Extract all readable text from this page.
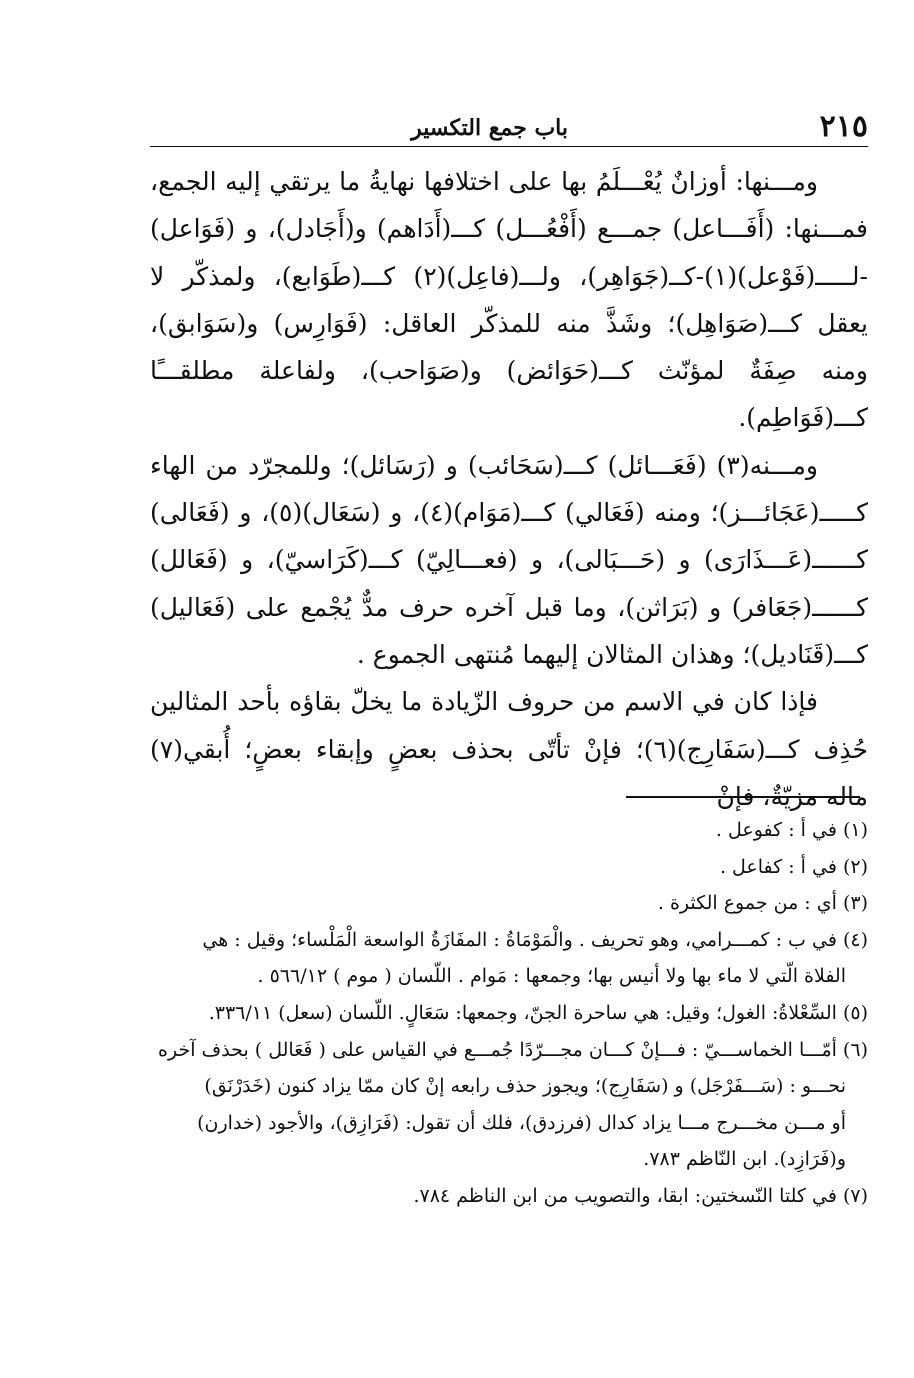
٢١٥
باب جمع التكسير

ومـــنها: أوزانٌ يُعْـــلَمُ بها على اختلافها نهايةُ ما يرتقي إليه الجمع، فمـــنها: (أَفَـــاعل) جمـــع (أَفْعُـــل) كـــ(أَدَاهم) و(أَجَادل)، و (فَوَاعل) -لـــــ(فَوْعل)(١)-كــ(جَوَاهِر)، ولـــ(فاعِل)(٢) كـــ(طَوَابع)، ولمذكّر لا يعقل كـــ(صَوَاهِل)؛ وشَذَّ منه للمذكّر العاقل: (فَوَارِس) و(سَوَابق)، ومنه صِفَةٌ لمؤنّث كـــ(حَوَائض) و(صَوَاحب)، ولفاعلة مطلقـــًا كـــ(فَوَاطِم).

ومـــنه(٣) (فَعَـــائل) كـــ(سَحَائب) و (رَسَائل)؛ وللمجرّد من الهاء كـــــ(عَجَائـــز)؛ ومنه (فَعَالي) كـــ(مَوَام)(٤)، و (سَعَال)(٥)، و (فَعَالى) كــــــ(عَـــذَارَى) و (حَـــبَالى)، و (فعـــالِيّ) كـــ(كَرَاسيّ)، و (فَعَالل) كــــــ(جَعَافر) و (بَرَاثن)، وما قبل آخره حرف مدٌّ يُجْمع على (فَعَاليل) كـــ(قَنَاديل)؛ وهذان المثالان إليهما مُنتهى الجموع .

فإذا كان في الاسم من حروف الزّيادة ما يخلّ بقاؤه بأحد المثالين حُذِف كـــ(سَفَارِج)(٦)؛ فإنْ تأتّى بحذف بعضٍ وإبقاء بعضٍ؛ أُبقي(٧) ماله مزيّةٌ، فإنْ

(١) في أ : كفوعل .

(٢) في أ : كفاعل .

(٣) أي : من جموع الكثرة .

(٤) في ب : كمـــرامي، وهو تحريف . والْمَوْمَاةُ : المفَازَةُ الواسعة الْمَلْساء؛ وقيل : هي

الفلاة الّتي لا ماء بها ولا أنيس بها؛ وجمعها : مَوام . اللّسان ( موم ) ٥٦٦/١٢ .

(٥) السِّعْلاةُ: الغول؛ وقيل: هي ساحرة الجنّ، وجمعها: سَعَالٍ. اللّسان (سعل) ٣٣٦/١١.

(٦) أمّـــا الخماســـيّ : فـــإنْ كـــان مجـــرّدًا جُمـــع في القياس على ( فَعَالل ) بحذف آخره

نحـــو : (سَـــفَرْجَل) و (سَفَارِج)؛ ويجوز حذف رابعه إنْ كان ممّا يزاد كنون (خَدَرْنَق)

أو مـــن مخـــرج مـــا يزاد كدال (فرزدق)، فلك أن تقول: (فَرَازِق)، والأجود (خدارن)

و(فَرَازِد). ابن النّاظم ٧٨٣.

(٧) في كلتا النّسختين: ابقا، والتصويب من ابن الناظم ٧٨٤.
